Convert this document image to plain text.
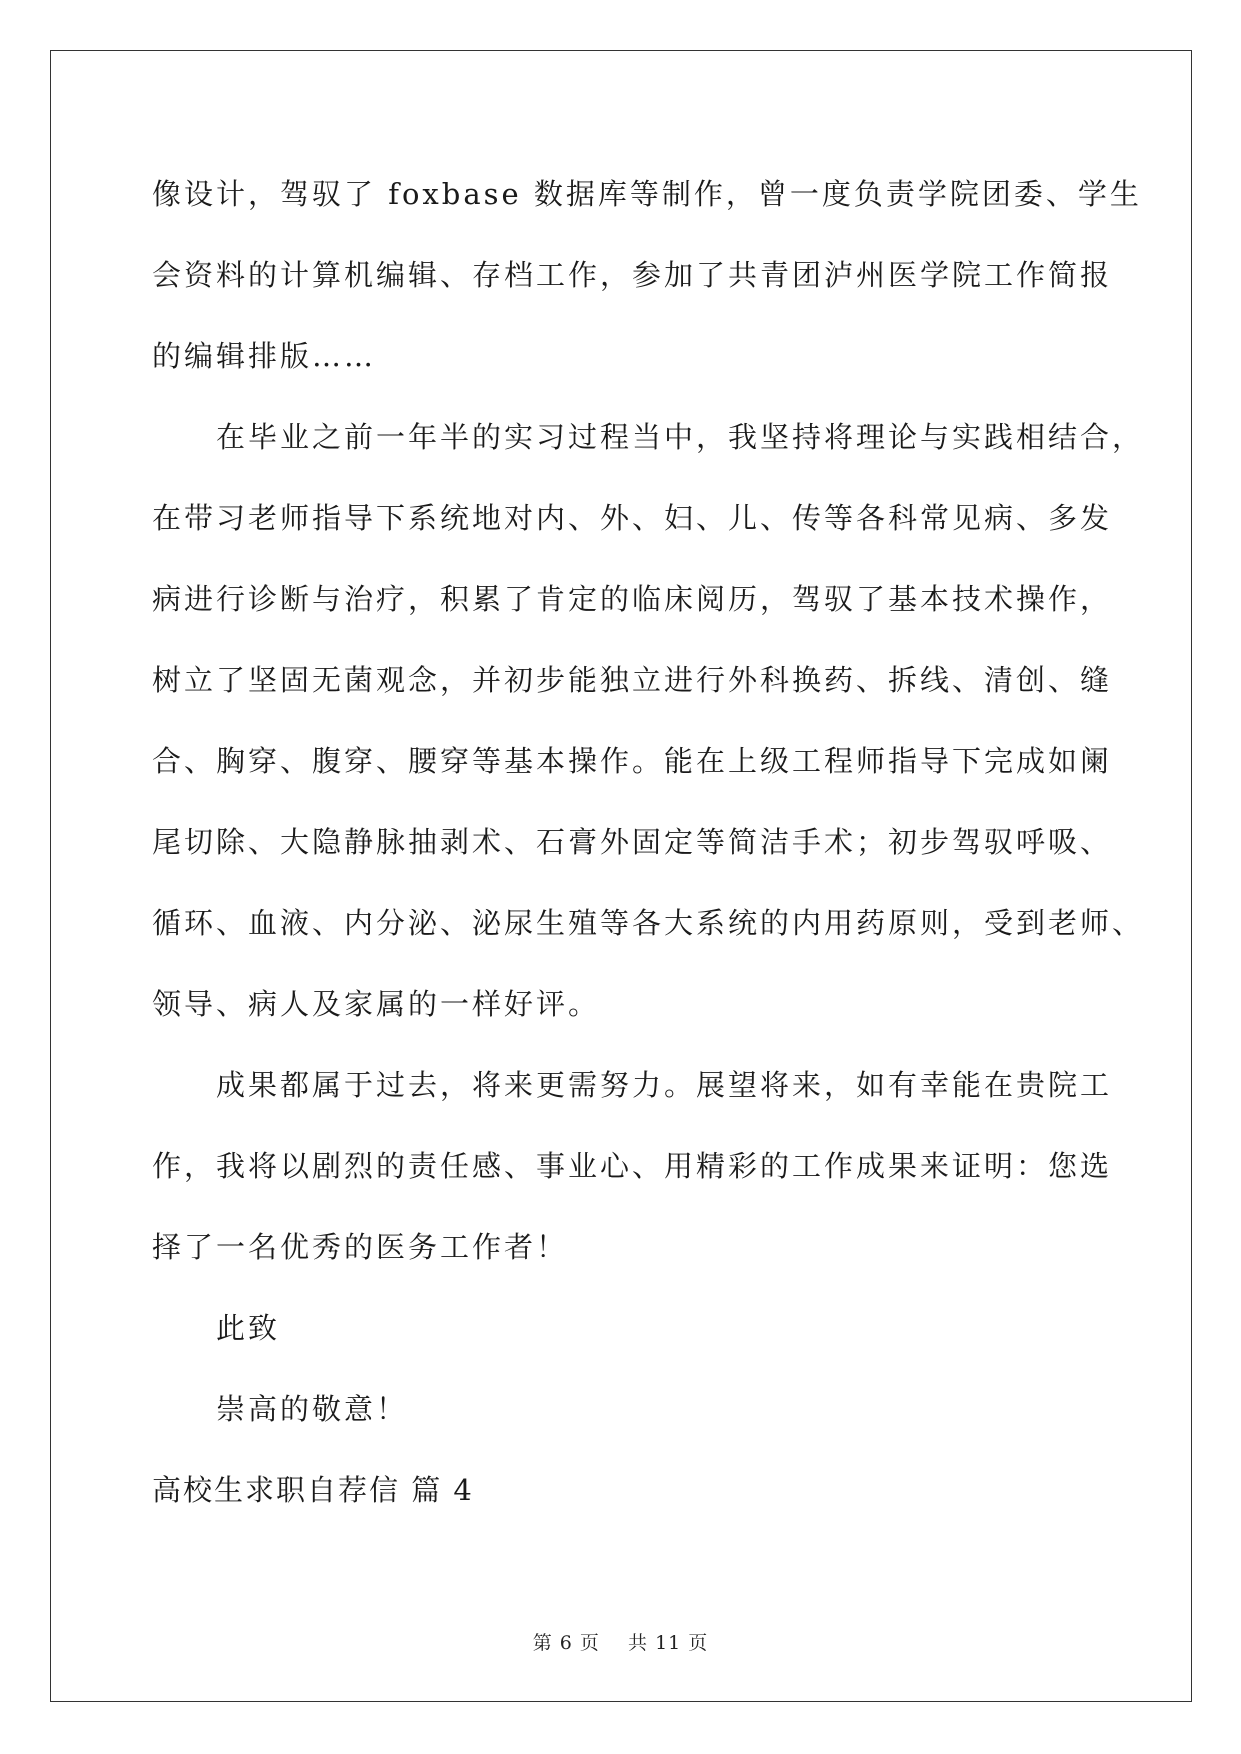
像设计，驾驭了 foxbase 数据库等制作，曾一度负责学院团委、学生
会资料的计算机编辑、存档工作，参加了共青团泸州医学院工作简报
的编辑排版……
在毕业之前一年半的实习过程当中，我坚持将理论与实践相结合，
在带习老师指导下系统地对内、外、妇、儿、传等各科常见病、多发
病进行诊断与治疗，积累了肯定的临床阅历，驾驭了基本技术操作，
树立了坚固无菌观念，并初步能独立进行外科换药、拆线、清创、缝
合、胸穿、腹穿、腰穿等基本操作。能在上级工程师指导下完成如阑
尾切除、大隐静脉抽剥术、石膏外固定等简洁手术；初步驾驭呼吸、
循环、血液、内分泌、泌尿生殖等各大系统的内用药原则，受到老师、
领导、病人及家属的一样好评。
成果都属于过去，将来更需努力。展望将来，如有幸能在贵院工
作，我将以剧烈的责任感、事业心、用精彩的工作成果来证明：您选
择了一名优秀的医务工作者！
此致
崇高的敬意！
高校生求职自荐信 篇 4
第 6 页    共 11 页
